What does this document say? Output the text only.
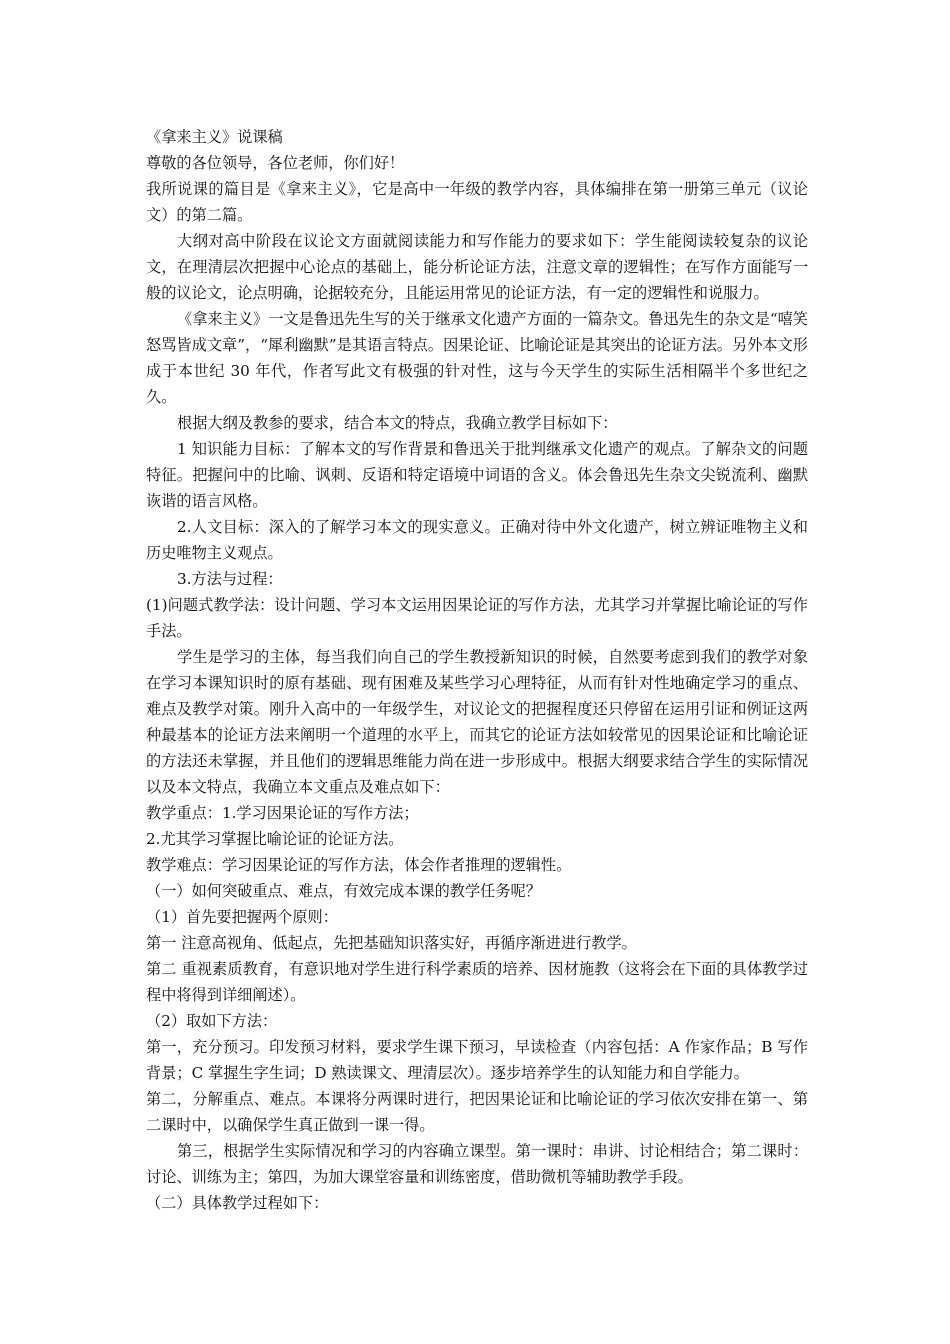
《拿来主义》说课稿

尊敬的各位领导，各位老师，你们好！

我所说课的篇目是《拿来主义》，它是高中一年级的教学内容，具体编排在第一册第三单元（议论文）的第二篇。

大纲对高中阶段在议论文方面就阅读能力和写作能力的要求如下：学生能阅读较复杂的议论文，在理清层次把握中心论点的基础上，能分析论证方法，注意文章的逻辑性；在写作方面能写一般的议论文，论点明确，论据较充分，且能运用常见的论证方法，有一定的逻辑性和说服力。

《拿来主义》一文是鲁迅先生写的关于继承文化遗产方面的一篇杂文。鲁迅先生的杂文是“嘻笑怒骂皆成文章”，“犀利幽默”是其语言特点。因果论证、比喻论证是其突出的论证方法。另外本文形成于本世纪 30 年代，作者写此文有极强的针对性，这与今天学生的实际生活相隔半个多世纪之久。

根据大纲及教参的要求，结合本文的特点，我确立教学目标如下：

1 知识能力目标：了解本文的写作背景和鲁迅关于批判继承文化遗产的观点。了解杂文的问题特征。把握问中的比喻、讽刺、反语和特定语境中词语的含义。体会鲁迅先生杂文尖锐流利、幽默诙谐的语言风格。

2.人文目标：深入的了解学习本文的现实意义。正确对待中外文化遗产，树立辨证唯物主义和历史唯物主义观点。

3.方法与过程：

(1)问题式教学法：设计问题、学习本文运用因果论证的写作方法，尤其学习并掌握比喻论证的写作手法。

学生是学习的主体，每当我们向自己的学生教授新知识的时候，自然要考虑到我们的教学对象在学习本课知识时的原有基础、现有困难及某些学习心理特征，从而有针对性地确定学习的重点、难点及教学对策。刚升入高中的一年级学生，对议论文的把握程度还只停留在运用引证和例证这两种最基本的论证方法来阐明一个道理的水平上，而其它的论证方法如较常见的因果论证和比喻论证的方法还未掌握，并且他们的逻辑思维能力尚在进一步形成中。根据大纲要求结合学生的实际情况以及本文特点，我确立本文重点及难点如下：

教学重点：1.学习因果论证的写作方法；

2.尤其学习掌握比喻论证的论证方法。

教学难点：学习因果论证的写作方法，体会作者推理的逻辑性。

（一）如何突破重点、难点，有效完成本课的教学任务呢？

（1）首先要把握两个原则：

第一 注意高视角、低起点，先把基础知识落实好，再循序渐进进行教学。

第二 重视素质教育，有意识地对学生进行科学素质的培养、因材施教（这将会在下面的具体教学过程中将得到详细阐述）。

（2）取如下方法：

第一，充分预习。印发预习材料，要求学生课下预习，早读检查（内容包括：A 作家作品；B 写作背景；C 掌握生字生词；D 熟读课文、理清层次）。逐步培养学生的认知能力和自学能力。

第二，分解重点、难点。本课将分两课时进行，把因果论证和比喻论证的学习依次安排在第一、第二课时中，以确保学生真正做到一课一得。

第三，根据学生实际情况和学习的内容确立课型。第一课时：串讲、讨论相结合；第二课时：讨论、训练为主；第四，为加大课堂容量和训练密度，借助微机等辅助教学手段。

（二）具体教学过程如下：
